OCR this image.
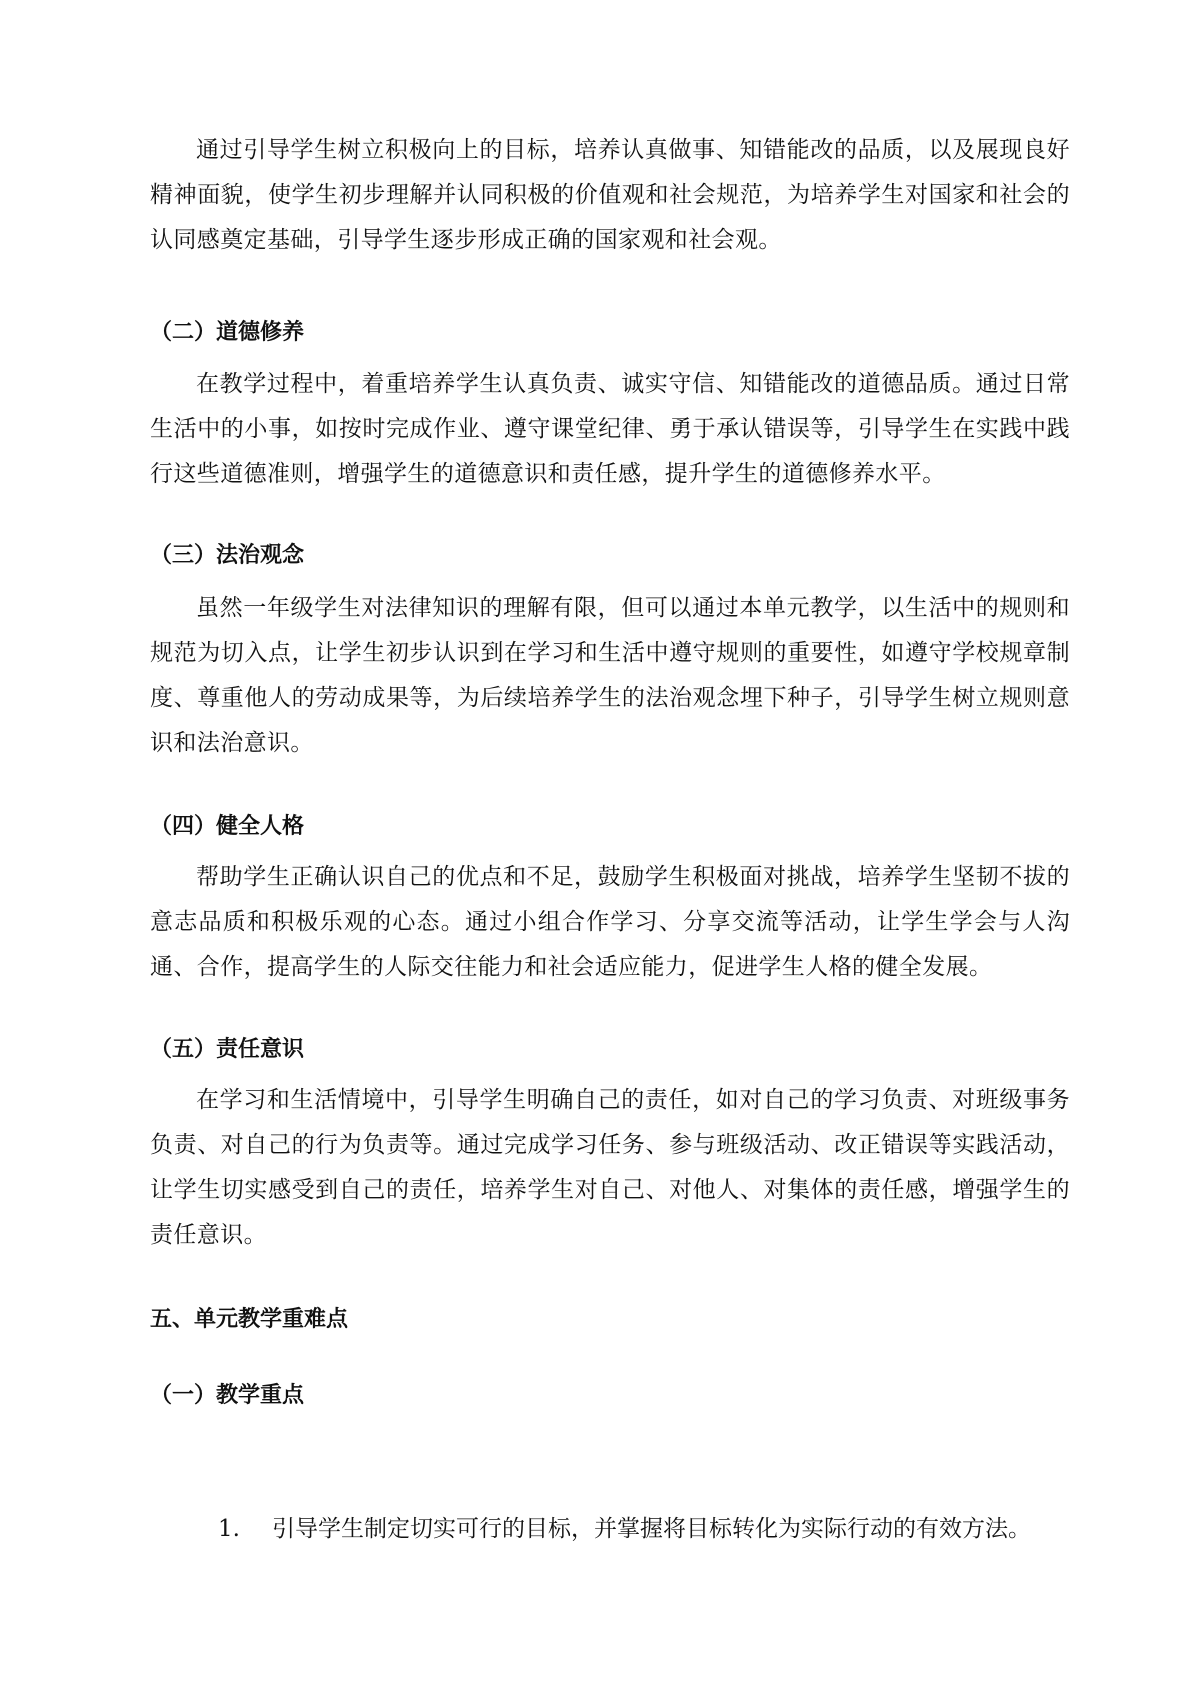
通过引导学生树立积极向上的目标，培养认真做事、知错能改的品质，以及展现良好精神面貌，使学生初步理解并认同积极的价值观和社会规范，为培养学生对国家和社会的认同感奠定基础，引导学生逐步形成正确的国家观和社会观。

（二）道德修养

在教学过程中，着重培养学生认真负责、诚实守信、知错能改的道德品质。通过日常生活中的小事，如按时完成作业、遵守课堂纪律、勇于承认错误等，引导学生在实践中践行这些道德准则，增强学生的道德意识和责任感，提升学生的道德修养水平。

（三）法治观念

虽然一年级学生对法律知识的理解有限，但可以通过本单元教学，以生活中的规则和规范为切入点，让学生初步认识到在学习和生活中遵守规则的重要性，如遵守学校规章制度、尊重他人的劳动成果等，为后续培养学生的法治观念埋下种子，引导学生树立规则意识和法治意识。

（四）健全人格

帮助学生正确认识自己的优点和不足，鼓励学生积极面对挑战，培养学生坚韧不拔的意志品质和积极乐观的心态。通过小组合作学习、分享交流等活动，让学生学会与人沟通、合作，提高学生的人际交往能力和社会适应能力，促进学生人格的健全发展。

（五）责任意识

在学习和生活情境中，引导学生明确自己的责任，如对自己的学习负责、对班级事务负责、对自己的行为负责等。通过完成学习任务、参与班级活动、改正错误等实践活动，让学生切实感受到自己的责任，培养学生对自己、对他人、对集体的责任感，增强学生的责任意识。

五、单元教学重难点
（一）教学重点
1. 引导学生制定切实可行的目标，并掌握将目标转化为实际行动的有效方法。
